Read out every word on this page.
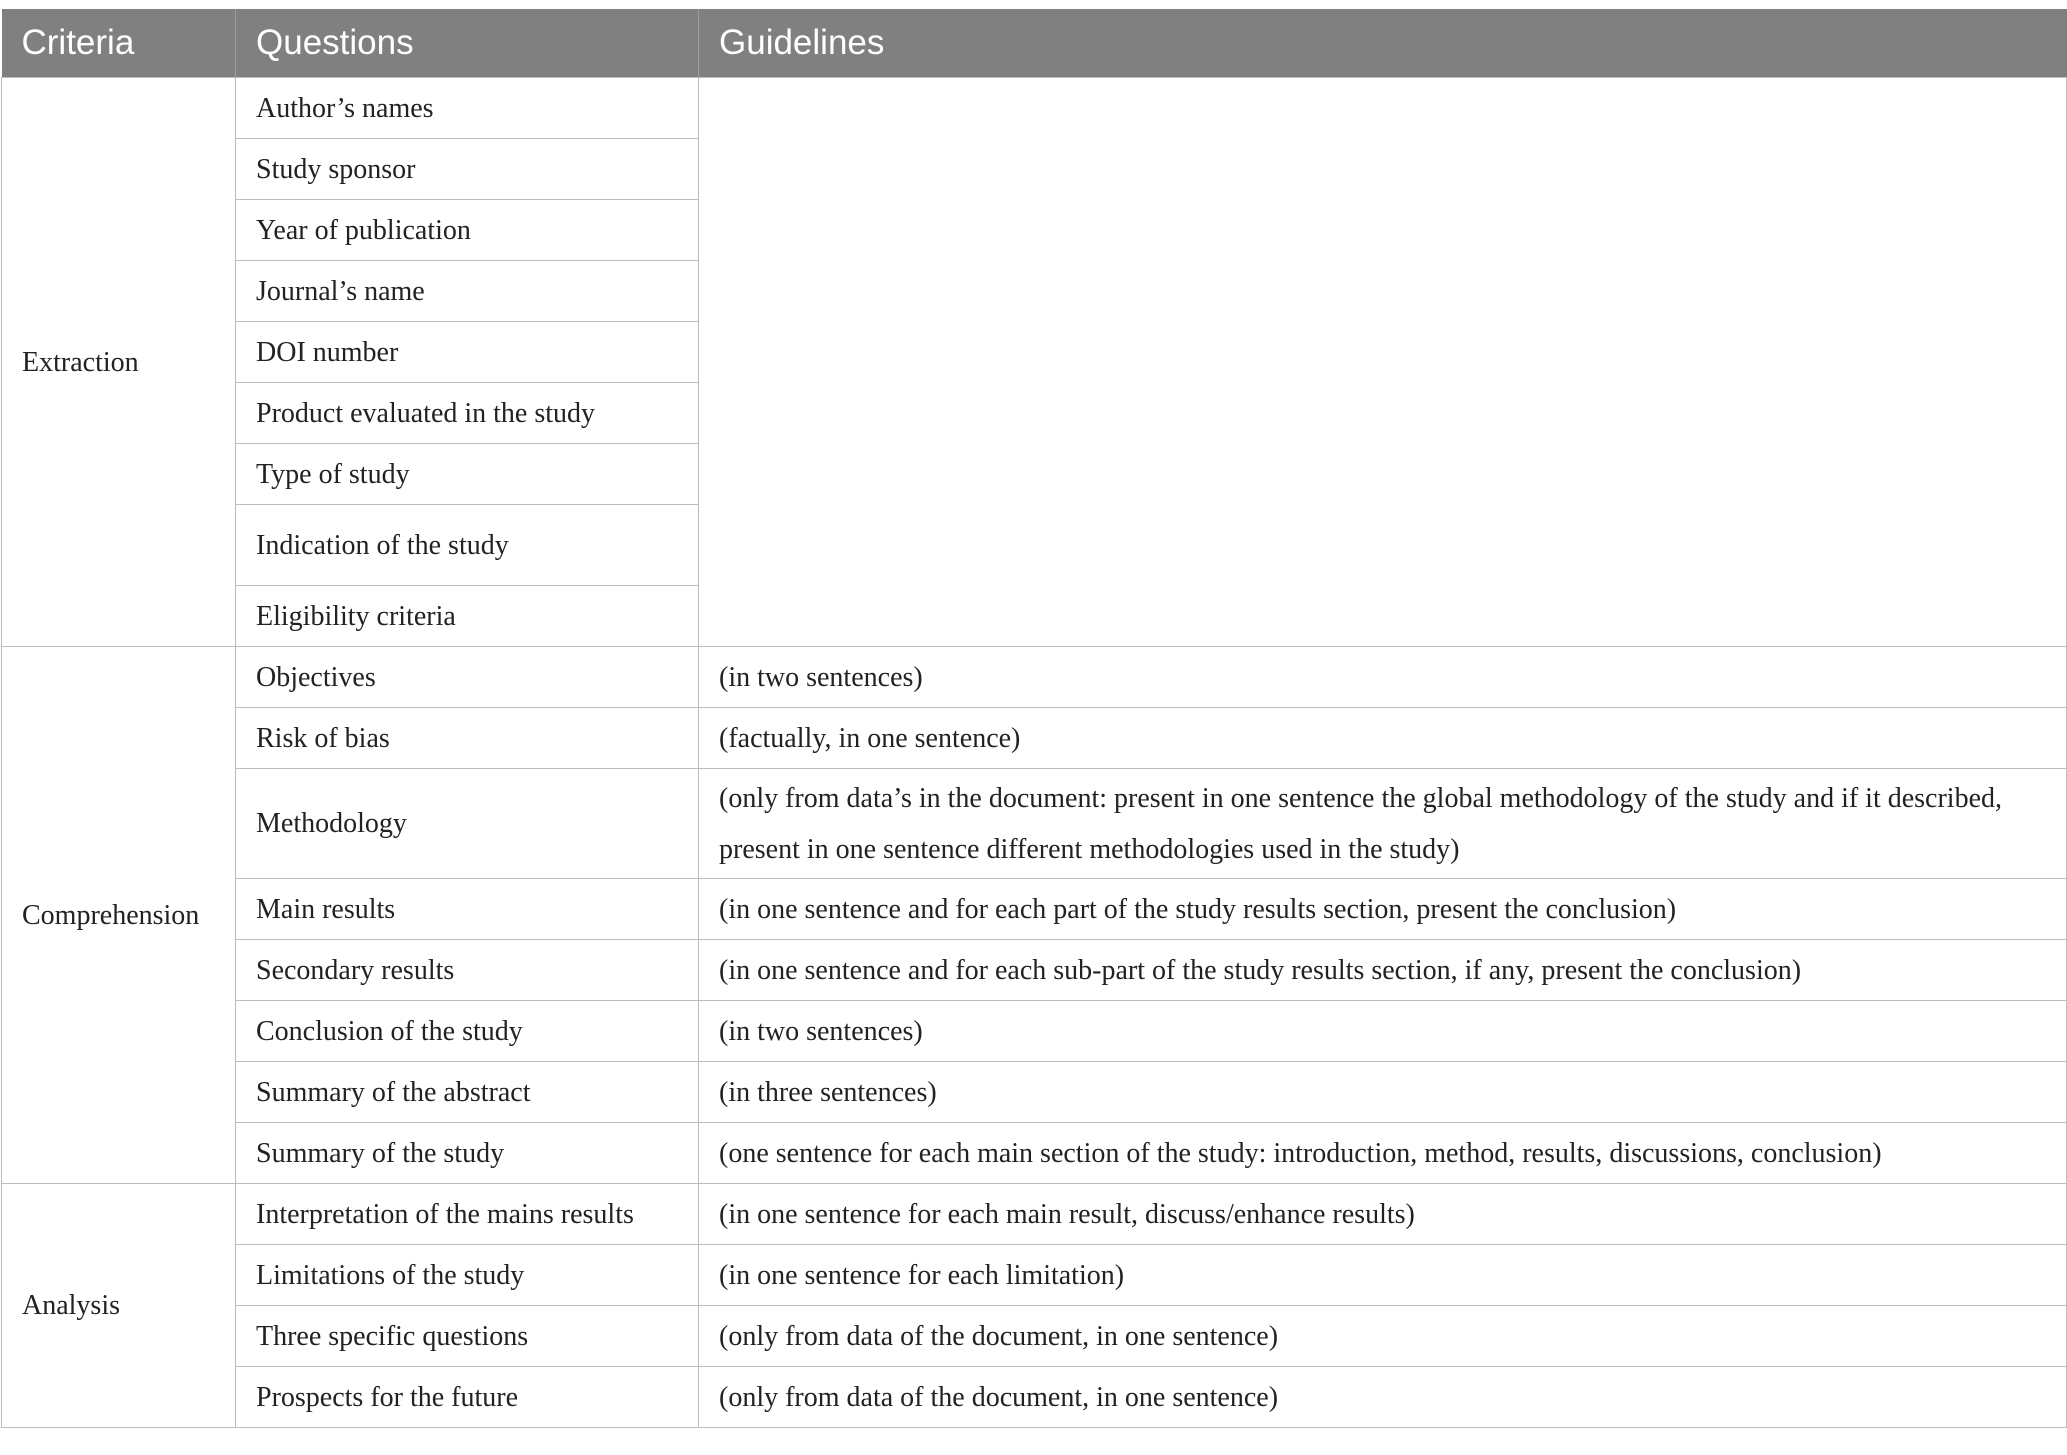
Criteria	Questions	Guidelines
Extraction	Author’s names	
	Study sponsor	
	Year of publication	
	Journal’s name	
	DOI number	
	Product evaluated in the study	
	Type of study	
	Indication of the study	
	Eligibility criteria	
Comprehension	Objectives	(in two sentences)
	Risk of bias	(factually, in one sentence)
	Methodology	(only from data’s in the document: present in one sentence the global methodology of the study and if it described, present in one sentence different methodologies used in the study)
	Main results	(in one sentence and for each part of the study results section, present the conclusion)
	Secondary results	(in one sentence and for each sub-part of the study results section, if any, present the conclusion)
	Conclusion of the study	(in two sentences)
	Summary of the abstract	(in three sentences)
	Summary of the study	(one sentence for each main section of the study: introduction, method, results, discussions, conclusion)
Analysis	Interpretation of the mains results	(in one sentence for each main result, discuss/enhance results)
	Limitations of the study	(in one sentence for each limitation)
	Three specific questions	(only from data of the document, in one sentence)
	Prospects for the future	(only from data of the document, in one sentence)
